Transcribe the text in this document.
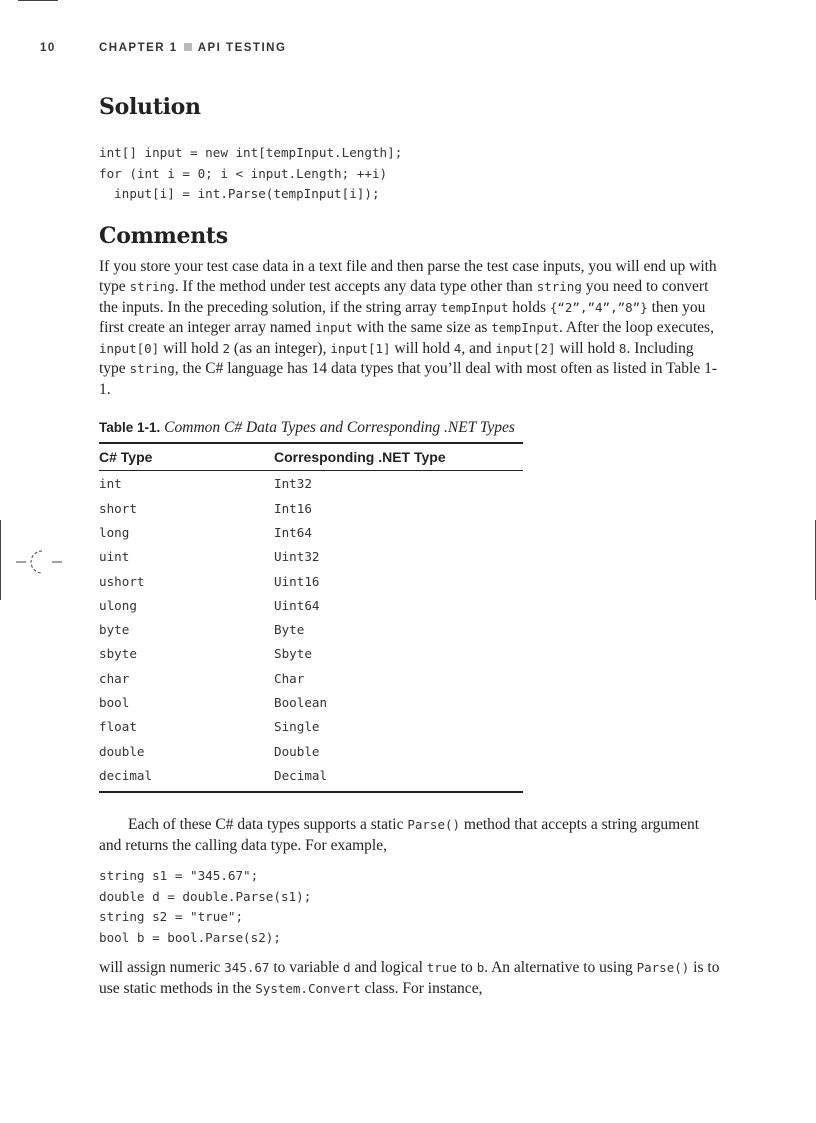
10	CHAPTER 1 API TESTING
Solution
int[] input = new int[tempInput.Length];
for (int i = 0; i < input.Length; ++i)
input[i] = int.Parse(tempInput[i]);
Comments

If you store your test case data in a text file and then parse the test case inputs, you will end up with type string. If the method under test accepts any data type other than string you need to convert the inputs. In the preceding solution, if the string array tempInput holds {“2”,”4”,”8”} then you first create an integer array named input with the same size as tempInput. After the loop executes, input[0] will hold 2 (as an integer), input[1] will hold 4, and input[2] will hold 8. Including type string, the C# language has 14 data types that you’ll deal with most often as listed in Table 1-1.

Table 1-1. Common C# Data Types and Corresponding .NET Types
C# Type	Corresponding .NET Type
int	Int32
short	Int16
long	Int64
uint	Uint32
ushort	Uint16
ulong	Uint64
byte	Byte
sbyte	Sbyte
char	Char
bool	Boolean
float	Single
double	Double
decimal	Decimal

Each of these C# data types supports a static Parse() method that accepts a string argument and returns the calling data type. For example,

string s1 = "345.67";
double d = double.Parse(s1);
string s2 = "true";
bool b = bool.Parse(s2);

will assign numeric 345.67 to variable d and logical true to b. An alternative to using Parse() is to use static methods in the System.Convert class. For instance,
